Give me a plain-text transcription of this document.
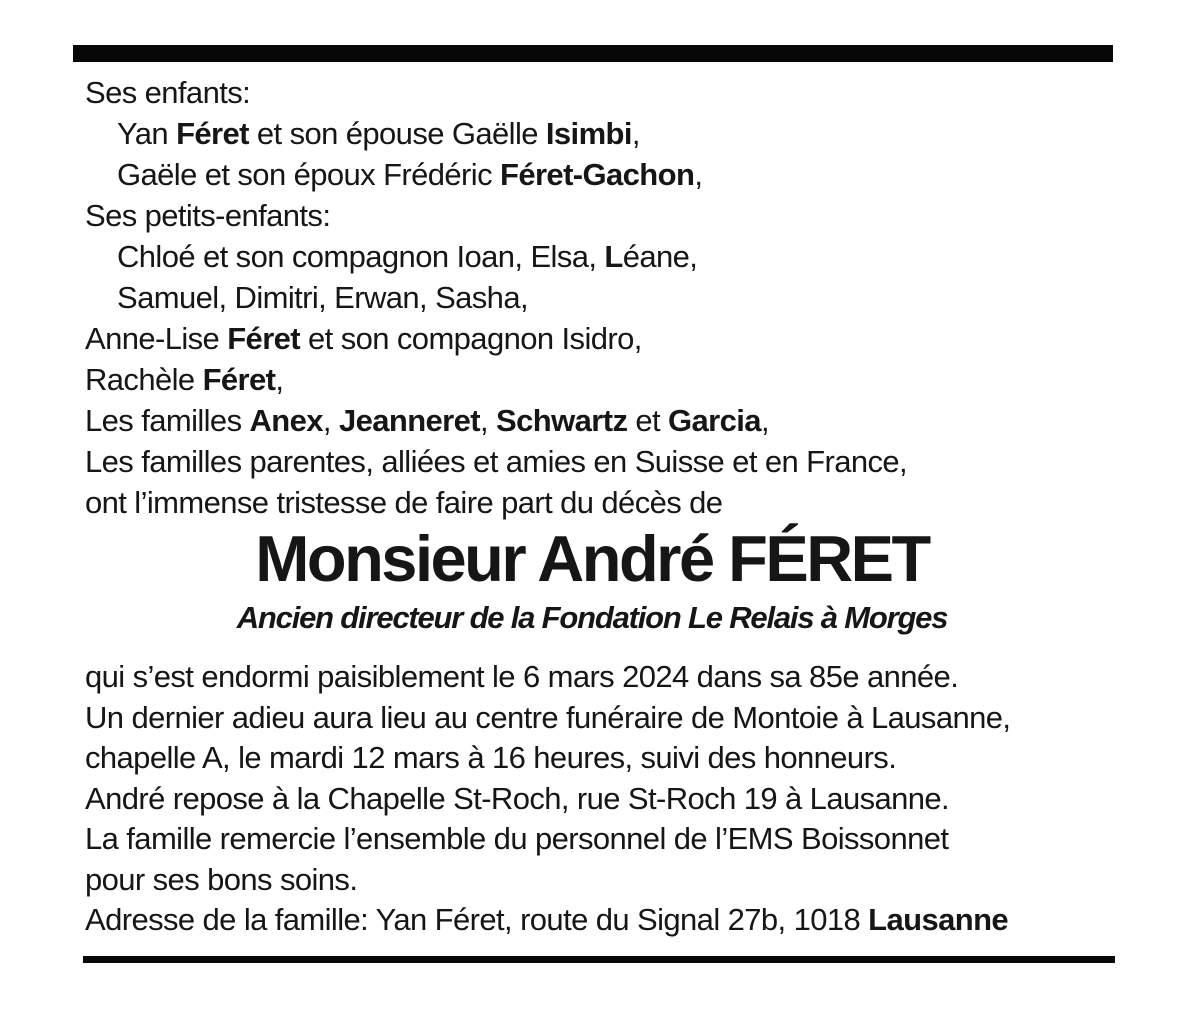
Ses enfants:

Yan Féret et son épouse Gaëlle Isimbi,

Gaële et son époux Frédéric Féret-Gachon,

Ses petits-enfants:

Chloé et son compagnon Ioan, Elsa, Léane,

Samuel, Dimitri, Erwan, Sasha,

Anne-Lise Féret et son compagnon Isidro,

Rachèle Féret,

Les familles Anex, Jeanneret, Schwartz et Garcia,

Les familles parentes, alliées et amies en Suisse et en France,

ont l’immense tristesse de faire part du décès de

Monsieur André FÉRET

Ancien directeur de la Fondation Le Relais à Morges

qui s’est endormi paisiblement le 6 mars 2024 dans sa 85e année.

Un dernier adieu aura lieu au centre funéraire de Montoie à Lausanne,

chapelle A, le mardi 12 mars à 16 heures, suivi des honneurs.

André repose à la Chapelle St-Roch, rue St-Roch 19 à Lausanne.

La famille remercie l’ensemble du personnel de l’EMS Boissonnet

pour ses bons soins.

Adresse de la famille: Yan Féret, route du Signal 27b, 1018 Lausanne
